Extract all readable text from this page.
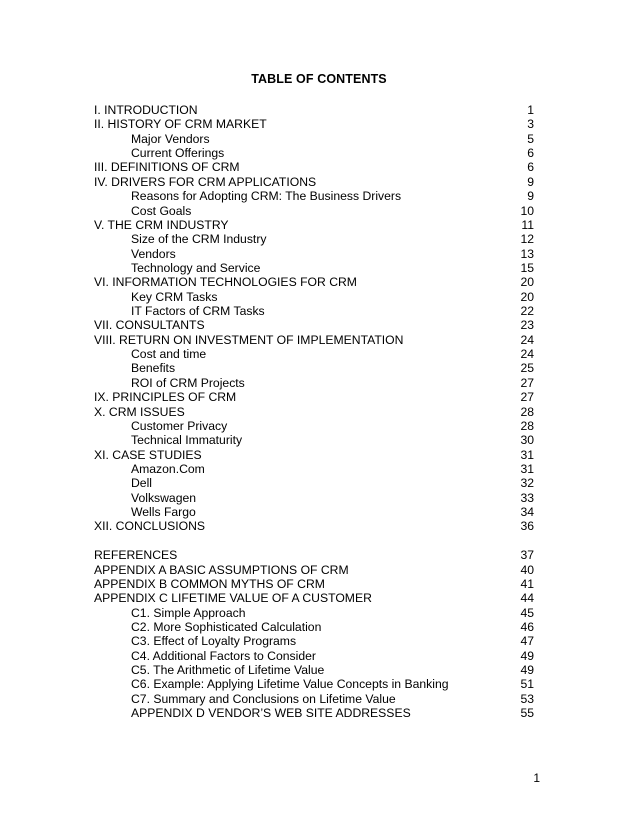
TABLE OF CONTENTS
I. INTRODUCTION	1
II. HISTORY OF CRM MARKET	3
Major Vendors	5
Current Offerings	6
III. DEFINITIONS OF CRM	6
IV. DRIVERS FOR CRM APPLICATIONS	9
Reasons for Adopting CRM: The Business Drivers	9
Cost Goals	10
V. THE CRM INDUSTRY	11
Size of the CRM Industry	12
Vendors	13
Technology and Service	15
VI. INFORMATION TECHNOLOGIES FOR CRM	20
Key CRM Tasks	20
IT Factors of CRM Tasks	22
VII. CONSULTANTS	23
VIII. RETURN ON INVESTMENT OF IMPLEMENTATION	24
Cost and time	24
Benefits	25
ROI of CRM Projects	27
IX. PRINCIPLES OF CRM	27
X. CRM ISSUES	28
Customer Privacy	28
Technical Immaturity	30
XI. CASE STUDIES	31
Amazon.Com	31
Dell	32
Volkswagen	33
Wells Fargo	34
XII. CONCLUSIONS	36
REFERENCES	37
APPENDIX A BASIC ASSUMPTIONS OF CRM	40
APPENDIX B COMMON MYTHS OF CRM	41
APPENDIX C LIFETIME VALUE OF A CUSTOMER	44
C1. Simple Approach	45
C2. More Sophisticated Calculation	46
C3. Effect of Loyalty Programs	47
C4. Additional Factors to Consider	49
C5. The Arithmetic of Lifetime Value	49
C6. Example: Applying Lifetime Value Concepts in Banking	51
C7. Summary and Conclusions on Lifetime Value	53
APPENDIX D VENDOR’S WEB SITE ADDRESSES	55
1
